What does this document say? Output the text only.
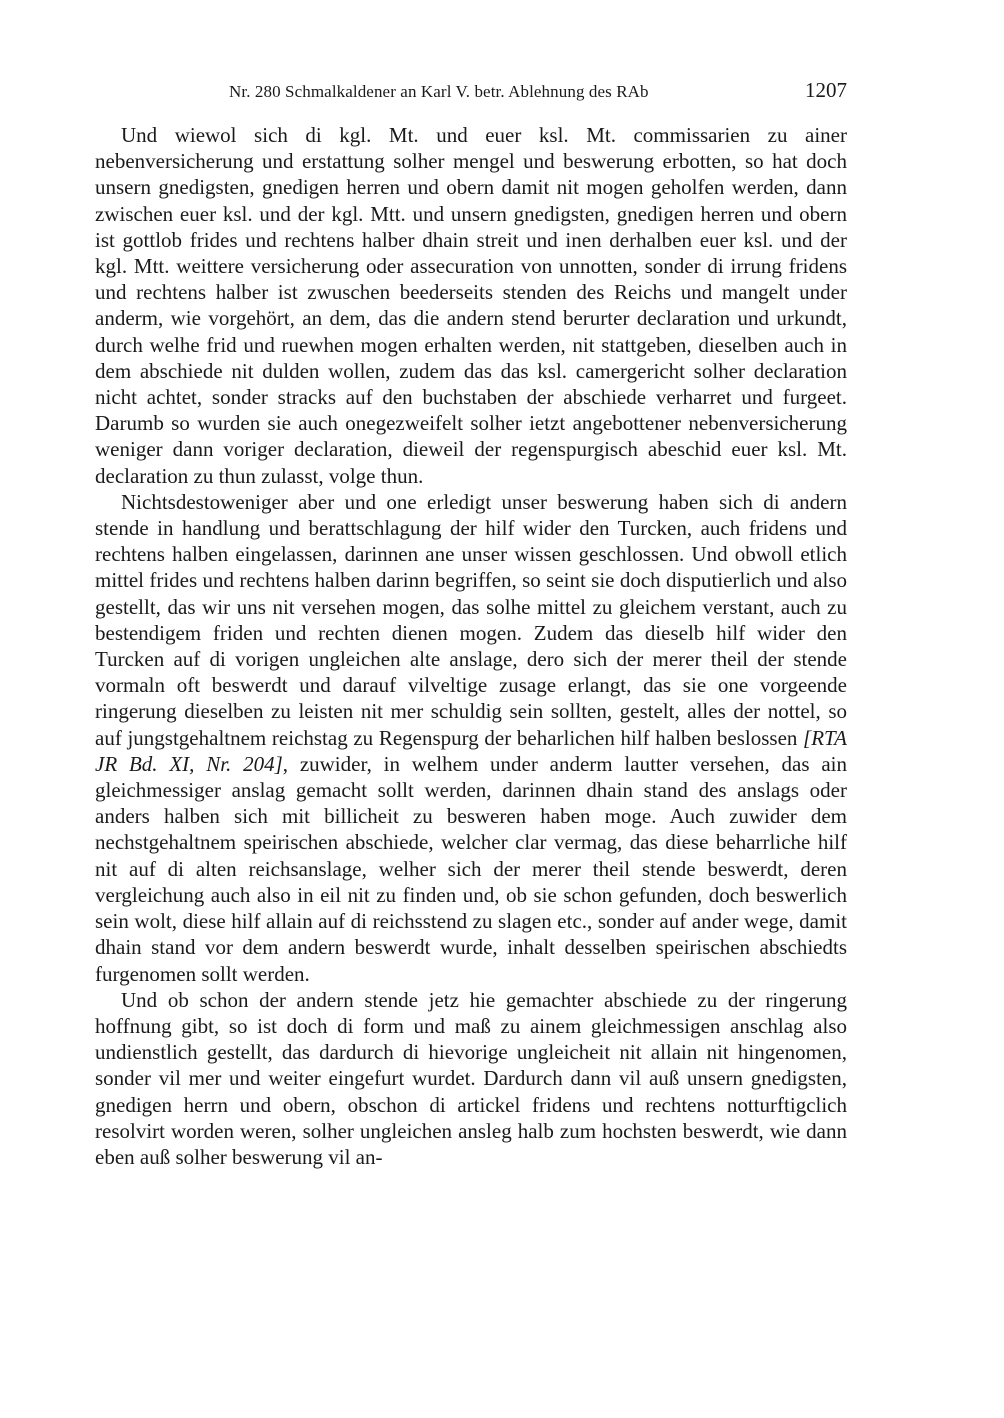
Nr. 280 Schmalkaldener an Karl V. betr. Ablehnung des RAb	1207

Und wiewol sich di kgl. Mt. und euer ksl. Mt. commissarien zu ainer nebenversicherung und erstattung solher mengel und beswerung erbotten, so hat doch unsern gnedigsten, gnedigen herren und obern damit nit mogen geholfen werden, dann zwischen euer ksl. und der kgl. Mtt. und unsern gnedigsten, gnedigen herren und obern ist gottlob frides und rechtens halber dhain streit und inen derhalben euer ksl. und der kgl. Mtt. weittere versicherung oder assecuration von unnotten, sonder di irrung fridens und rechtens halber ist zwuschen beederseits stenden des Reichs und mangelt under anderm, wie vorgehört, an dem, das die andern stend berurter declaration und urkundt, durch welhe frid und ruewhen mogen erhalten werden, nit stattgeben, dieselben auch in dem abschiede nit dulden wollen, zudem das das ksl. camergericht solher declaration nicht achtet, sonder stracks auf den buchstaben der abschiede verharret und furgeet. Darumb so wurden sie auch onegezweifelt solher ietzt angebottener nebenversicherung weniger dann voriger declaration, dieweil der regenspurgisch abeschid euer ksl. Mt. declaration zu thun zulasst, volge thun.

Nichtsdestoweniger aber und one erledigt unser beswerung haben sich di andern stende in handlung und berattschlagung der hilf wider den Turcken, auch fridens und rechtens halben eingelassen, darinnen ane unser wissen geschlossen. Und obwoll etlich mittel frides und rechtens halben darinn begriffen, so seint sie doch disputierlich und also gestellt, das wir uns nit versehen mogen, das solhe mittel zu gleichem verstant, auch zu bestendigem friden und rechten dienen mogen. Zudem das dieselb hilf wider den Turcken auf di vorigen ungleichen alte anslage, dero sich der merer theil der stende vormaln oft beswerdt und darauf vilveltige zusage erlangt, das sie one vorgeende ringerung dieselben zu leisten nit mer schuldig sein sollten, gestelt, alles der nottel, so auf jungstgehaltnem reichstag zu Regenspurg der beharlichen hilf halben beslossen [RTA JR Bd. XI, Nr. 204], zuwider, in welhem under anderm lautter versehen, das ain gleichmessiger anslag gemacht sollt werden, darinnen dhain stand des anslags oder anders halben sich mit billicheit zu besweren haben moge. Auch zuwider dem nechstgehaltnem speirischen abschiede, welcher clar vermag, das diese beharrliche hilf nit auf di alten reichsanslage, welher sich der merer theil stende beswerdt, deren vergleichung auch also in eil nit zu finden und, ob sie schon gefunden, doch beswerlich sein wolt, diese hilf allain auf di reichsstend zu slagen etc., sonder auf ander wege, damit dhain stand vor dem andern beswerdt wurde, inhalt desselben speirischen abschiedts furgenomen sollt werden.

Und ob schon der andern stende jetz hie gemachter abschiede zu der ringerung hoffnung gibt, so ist doch di form und maß zu ainem gleichmessigen anschlag also undienstlich gestellt, das dardurch di hievorige ungleicheit nit allain nit hingenomen, sonder vil mer und weiter eingefurt wurdet. Dardurch dann vil auß unsern gnedigsten, gnedigen herrn und obern, obschon di artickel fridens und rechtens notturftigclich resolvirt worden weren, solher ungleichen ansleg halb zum hochsten beswerdt, wie dann eben auß solher beswerung vil an-
